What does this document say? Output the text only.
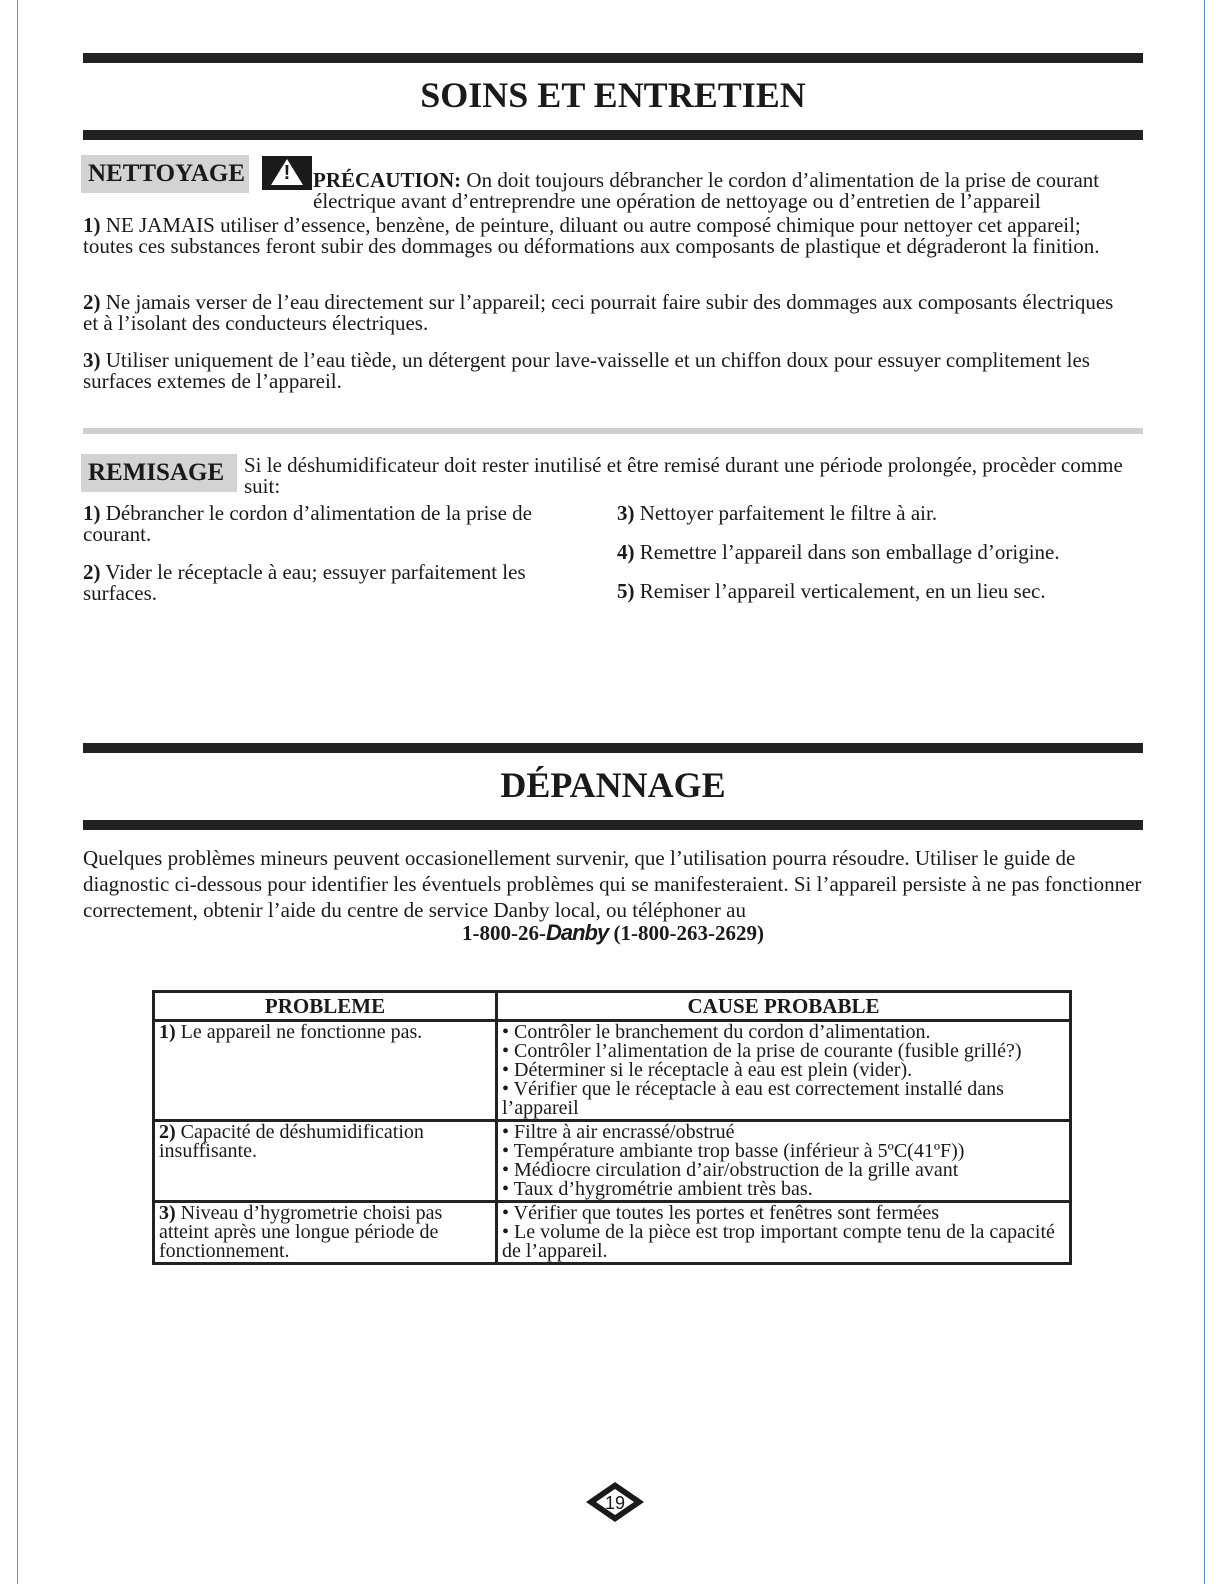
SOINS ET ENTRETIEN
NETTOYAGE ! PRÉCAUTION: On doit toujours débrancher le cordon d’alimentation de la prise de courant électrique avant d’entreprendre une opération de nettoyage ou d’entretien de l’appareil
1) NE JAMAIS utiliser d’essence, benzène, de peinture, diluant ou autre composé chimique pour nettoyer cet appareil; toutes ces substances feront subir des dommages ou déformations aux composants de plastique et dégraderont la finition.
2) Ne jamais verser de l’eau directement sur l’appareil; ceci pourrait faire subir des dommages aux composants électriques et à l’isolant des conducteurs électriques.
3) Utiliser uniquement de l’eau tiède, un détergent pour lave-vaisselle et un chiffon doux pour essuyer complitement les surfaces extemes de l’appareil.
REMISAGE Si le déshumidificateur doit rester inutilisé et être remisé durant une période prolongée, procèder comme suit:
1) Débrancher le cordon d’alimentation de la prise de courant.
2) Vider le réceptacle à eau; essuyer parfaitement les surfaces.
3) Nettoyer parfaitement le filtre à air.
4) Remettre l’appareil dans son emballage d’origine.
5) Remiser l’appareil verticalement, en un lieu sec.
DÉPANNAGE
Quelques problèmes mineurs peuvent occasionellement survenir, que l’utilisation pourra résoudre. Utiliser le guide de diagnostic ci-dessous pour identifier les éventuels problèmes qui se manifesteraient. Si l’appareil persiste à ne pas fonctionner correctement, obtenir l’aide du centre de service Danby local, ou téléphoner au
1-800-26-Danby (1-800-263-2629)
PROBLEME	CAUSE PROBABLE
1) Le appareil ne fonctionne pas.	• Contrôler le branchement du cordon d’alimentation.
• Contrôler l’alimentation de la prise de courante (fusible grillé?)
• Déterminer si le réceptacle à eau est plein (vider).
• Vérifier que le réceptacle à eau est correctement installé dans l’appareil

2) Capacité de déshumidification insuffisante.	• Filtre à air encrassé/obstrué
• Température ambiante trop basse (inférieur à 5ºC(41ºF))
• Médiocre circulation d’air/obstruction de la grille avant
• Taux d’hygrométrie ambient très bas.

3) Niveau d’hygrometrie choisi pas atteint après une longue période de fonctionnement.	• Vérifier que toutes les portes et fenêtres sont fermées
• Le volume de la pièce est trop important compte tenu de la capacité de l’appareil.
19
